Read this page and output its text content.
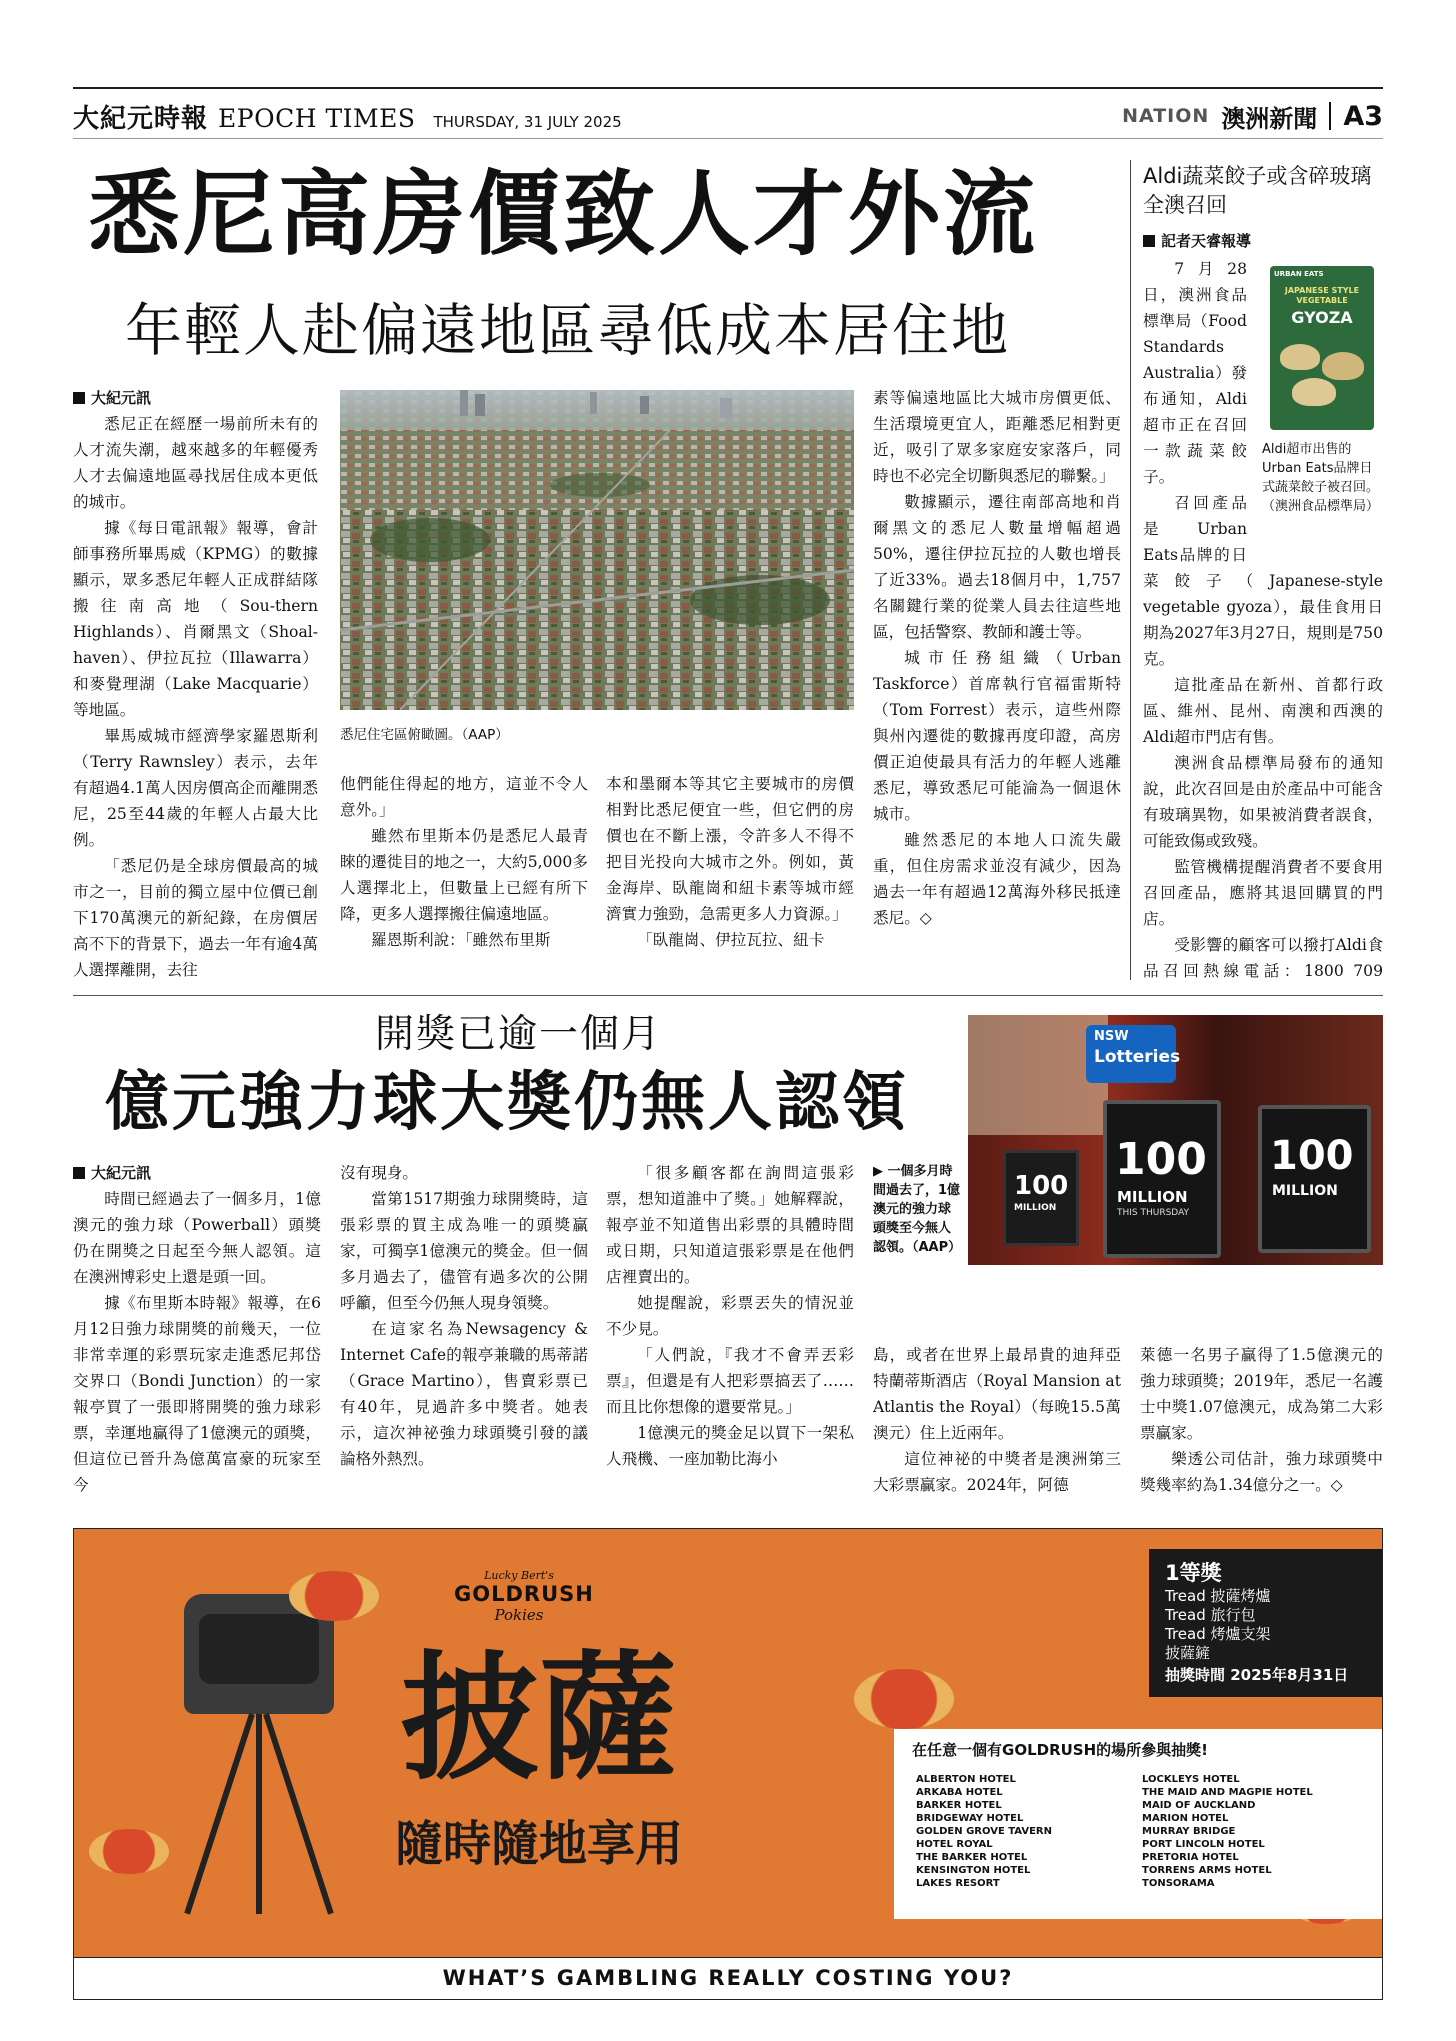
大紀元時報 EPOCH TIMES THURSDAY, 31 JULY 2025	NATION 澳洲新聞 A3
悉尼高房價致人才外流
年輕人赴偏遠地區尋低成本居住地
大紀元訊

悉尼正在經歷一場前所未有的人才流失潮，越來越多的年輕優秀人才去偏遠地區尋找居住成本更低的城市。

據《每日電訊報》報導，會計師事務所畢馬威（KPMG）的數據顯示，眾多悉尼年輕人正成群結隊搬往南高地（Sou-thern Highlands）、肖爾黑文（Shoal-haven）、伊拉瓦拉（Illawarra）和麥覺理湖（Lake Macquarie）等地區。

畢馬威城市經濟學家羅恩斯利（Terry Rawnsley）表示，去年有超過4.1萬人因房價高企而離開悉尼，25至44歲的年輕人占最大比例。

「悉尼仍是全球房價最高的城市之一，目前的獨立屋中位價已創下170萬澳元的新紀錄，在房價居高不下的背景下，過去一年有逾4萬人選擇離開，去往

悉尼住宅區俯瞰圖。（AAP）

他們能住得起的地方，這並不令人意外。」

雖然布里斯本仍是悉尼人最青睞的遷徙目的地之一，大約5,000多人選擇北上，但數量上已經有所下降，更多人選擇搬往偏遠地區。

羅恩斯利說：「雖然布里斯

本和墨爾本等其它主要城市的房價相對比悉尼便宜一些，但它們的房價也在不斷上漲，令許多人不得不把目光投向大城市之外。例如，黃金海岸、臥龍崗和紐卡素等城市經濟實力強勁，急需更多人力資源。」

「臥龍崗、伊拉瓦拉、紐卡

素等偏遠地區比大城市房價更低、生活環境更宜人，距離悉尼相對更近，吸引了眾多家庭安家落戶，同時也不必完全切斷與悉尼的聯繫。」

數據顯示，遷往南部高地和肖爾黑文的悉尼人數量增幅超過50%，遷往伊拉瓦拉的人數也增長了近33%。過去18個月中，1,757名關鍵行業的從業人員去往這些地區，包括警察、教師和護士等。

城市任務組織（Urban Taskforce）首席執行官福雷斯特（Tom Forrest）表示，這些州際與州內遷徙的數據再度印證，高房價正迫使最具有活力的年輕人逃離悉尼，導致悉尼可能淪為一個退休城市。

雖然悉尼的本地人口流失嚴重，但住房需求並沒有減少，因為過去一年有超過12萬海外移民抵達悉尼。◇

Aldi蔬菜餃子或含碎玻璃 全澳召回
記者天睿報導

7月28日，澳洲食品標準局（Food Standards Australia）發布通知，Aldi超市正在召回一款蔬菜餃子。

召回產品是Urban Eats品牌的日

URBAN EATS
JAPANESE STYLE VEGETABLE
GYOZA
Aldi超市出售的Urban Eats品牌日式蔬菜餃子被召回。（澳洲食品標準局）

菜餃子（Japanese-style vegetable gyoza），最佳食用日期為2027年3月27日，規則是750克。

這批產品在新州、首都行政區、維州、昆州、南澳和西澳的Aldi超市門店有售。

澳洲食品標準局發布的通知說，此次召回是由於產品中可能含有玻璃異物，如果被消費者誤食，可能致傷或致殘。

監管機構提醒消費者不要食用召回產品，應將其退回購買的門店。

受影響的顧客可以撥打Aldi食品召回熱線電話：1800 709

開獎已逾一個月
億元強力球大獎仍無人認領
NSW
Lotteries
100
MILLION
100
MILLION
THIS THURSDAY
100
MILLION
大紀元訊

時間已經過去了一個多月，1億澳元的強力球（Powerball）頭獎仍在開獎之日起至今無人認領。這在澳洲博彩史上還是頭一回。

據《布里斯本時報》報導，在6月12日強力球開獎的前幾天，一位非常幸運的彩票玩家走進悉尼邦岱交界口（Bondi Junction）的一家報亭買了一張即將開獎的強力球彩票，幸運地贏得了1億澳元的頭獎，但這位已晉升為億萬富豪的玩家至今

沒有現身。

當第1517期強力球開獎時，這張彩票的買主成為唯一的頭獎贏家，可獨享1億澳元的獎金。但一個多月過去了，儘管有過多次的公開呼籲，但至今仍無人現身領獎。

在這家名為Newsagency & Internet Cafe的報亭兼職的馬蒂諾（Grace Martino），售賣彩票已有40年，見過許多中獎者。她表示，這次神祕強力球頭獎引發的議論格外熱烈。

「很多顧客都在詢問這張彩票，想知道誰中了獎。」她解釋說，報亭並不知道售出彩票的具體時間或日期，只知道這張彩票是在他們店裡賣出的。

她提醒說，彩票丟失的情況並不少見。

「人們說，『我才不會弄丟彩票』，但還是有人把彩票搞丟了……而且比你想像的還要常見。」

1億澳元的獎金足以買下一架私人飛機、一座加勒比海小

▶ 一個多月時間過去了，1億澳元的強力球頭獎至今無人認領。（AAP）

島，或者在世界上最昂貴的迪拜亞特蘭蒂斯酒店（Royal Mansion at Atlantis the Royal）（每晚15.5萬澳元）住上近兩年。

這位神祕的中獎者是澳洲第三大彩票贏家。2024年，阿德

萊德一名男子贏得了1.5億澳元的強力球頭獎；2019年，悉尼一名護士中獎1.07億澳元，成為第二大彩票贏家。

樂透公司估計，強力球頭獎中獎幾率約為1.34億分之一。◇

Lucky Bert's
GOLDRUSH
Pokies
披薩
隨時隨地享用
1等獎
Tread 披薩烤爐
Tread 旅行包
Tread 烤爐支架
披薩鏟
抽獎時間 2025年8月31日
在任意一個有GOLDRUSH的場所參與抽獎!
ALBERTON HOTEL
ARKABA HOTEL
BARKER HOTEL
BRIDGEWAY HOTEL
GOLDEN GROVE TAVERN
HOTEL ROYAL
THE BARKER HOTEL
KENSINGTON HOTEL
LAKES RESORT
LOCKLEYS HOTEL
THE MAID AND MAGPIE HOTEL
MAID OF AUCKLAND
MARION HOTEL
MURRAY BRIDGE
PORT LINCOLN HOTEL
PRETORIA HOTEL
TORRENS ARMS HOTEL
TONSORAMA
WHAT’S GAMBLING REALLY COSTING YOU?
